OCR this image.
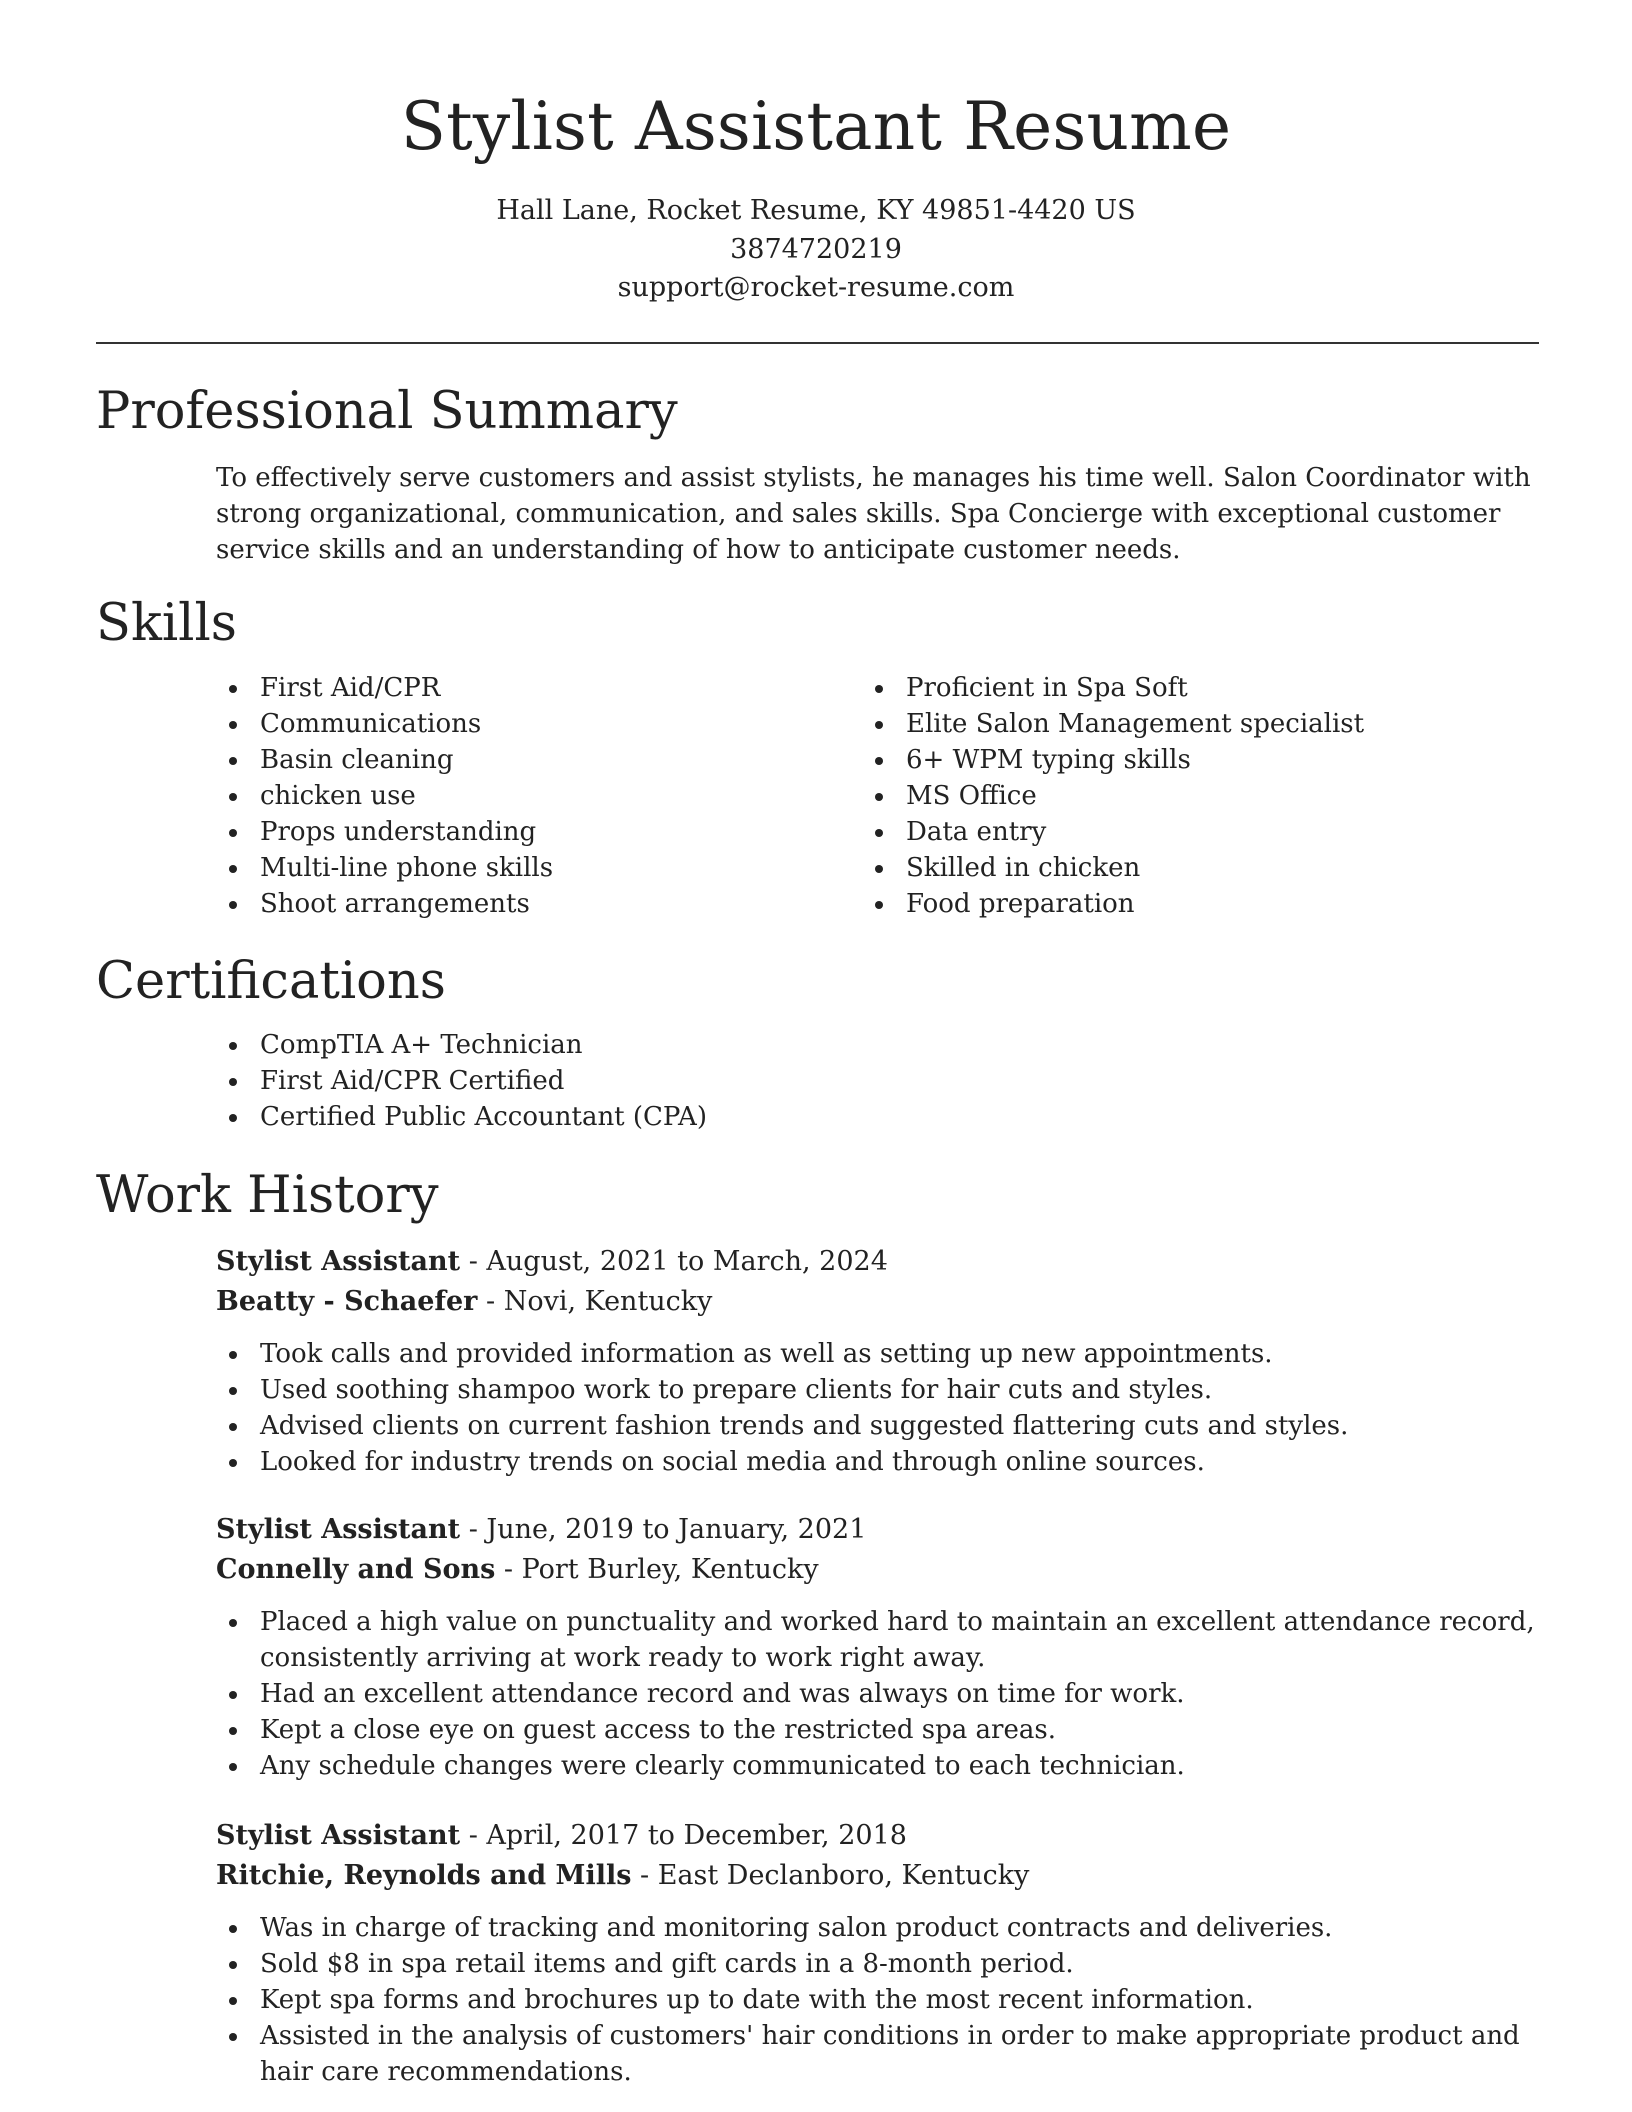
Stylist Assistant Resume
Hall Lane, Rocket Resume, KY 49851-4420 US
3874720219
support@rocket-resume.com
Professional Summary
To effectively serve customers and assist stylists, he manages his time well. Salon Coordinator with strong organizational, communication, and sales skills. Spa Concierge with exceptional customer service skills and an understanding of how to anticipate customer needs.
Skills
First Aid/CPR
Communications
Basin cleaning
chicken use
Props understanding
Multi-line phone skills
Shoot arrangements
Proficient in Spa Soft
Elite Salon Management specialist
6+ WPM typing skills
MS Office
Data entry
Skilled in chicken
Food preparation
Certifications
CompTIA A+ Technician
First Aid/CPR Certified
Certified Public Accountant (CPA)
Work History
Stylist Assistant - August, 2021 to March, 2024
Beatty - Schaefer - Novi, Kentucky
Took calls and provided information as well as setting up new appointments.
Used soothing shampoo work to prepare clients for hair cuts and styles.
Advised clients on current fashion trends and suggested flattering cuts and styles.
Looked for industry trends on social media and through online sources.
Stylist Assistant - June, 2019 to January, 2021
Connelly and Sons - Port Burley, Kentucky
Placed a high value on punctuality and worked hard to maintain an excellent attendance record, consistently arriving at work ready to work right away.
Had an excellent attendance record and was always on time for work.
Kept a close eye on guest access to the restricted spa areas.
Any schedule changes were clearly communicated to each technician.
Stylist Assistant - April, 2017 to December, 2018
Ritchie, Reynolds and Mills - East Declanboro, Kentucky
Was in charge of tracking and monitoring salon product contracts and deliveries.
Sold $8 in spa retail items and gift cards in a 8-month period.
Kept spa forms and brochures up to date with the most recent information.
Assisted in the analysis of customers' hair conditions in order to make appropriate product and hair care recommendations.
